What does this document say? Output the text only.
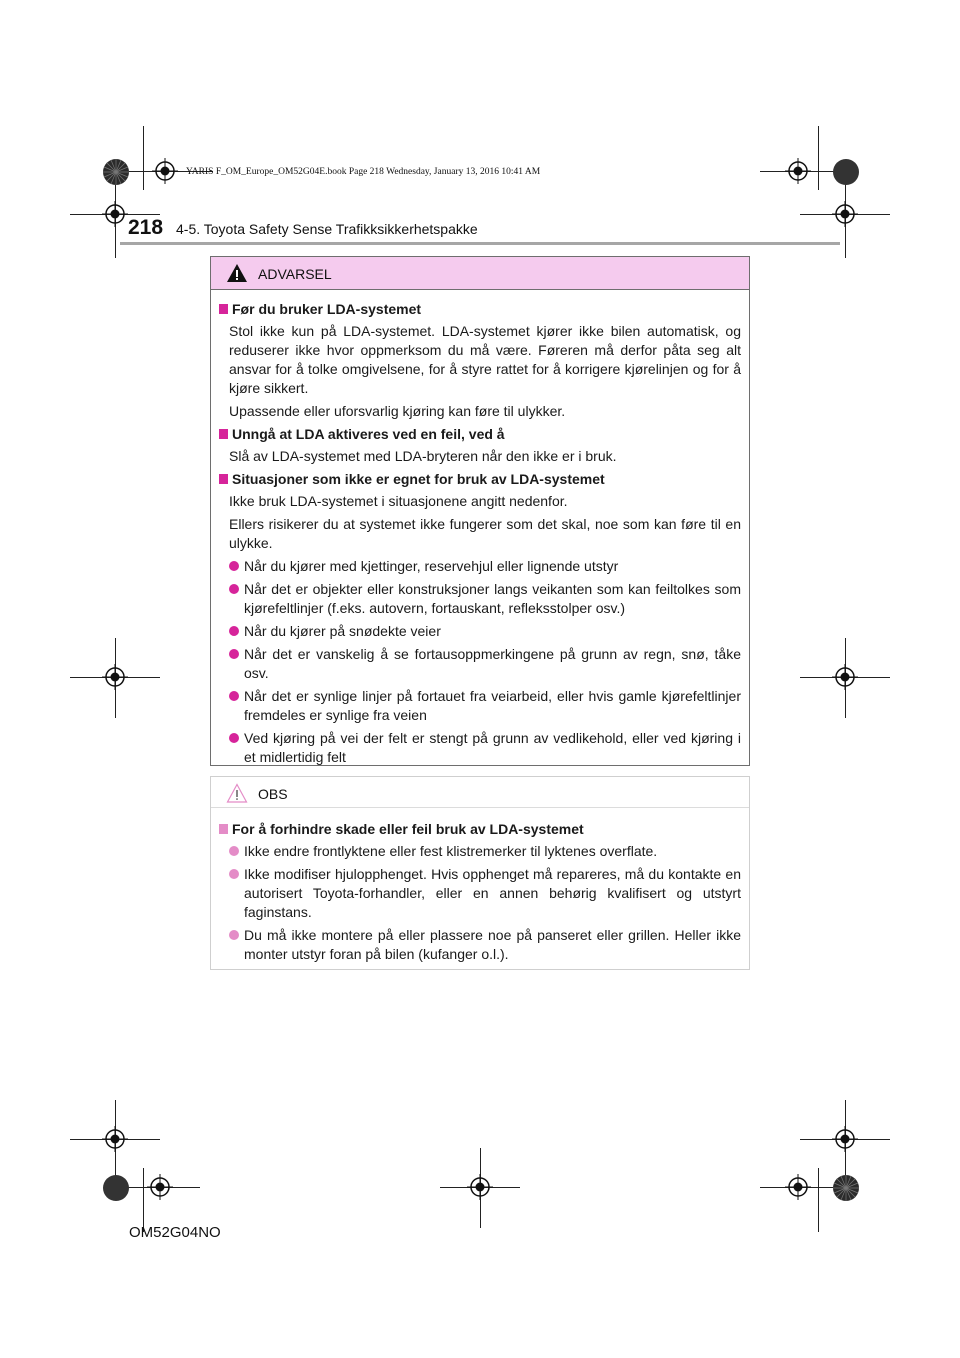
YARIS F_OM_Europe_OM52G04E.book Page 218 Wednesday, January 13, 2016 10:41 AM
218 4-5. Toyota Safety Sense Trafikksikkerhetspakke
ADVARSEL
Før du bruker LDA-systemet
Stol ikke kun på LDA-systemet. LDA-systemet kjører ikke bilen automatisk, og reduserer ikke hvor oppmerksom du må være. Føreren må derfor påta seg alt ansvar for å tolke omgivelsene, for å styre rattet for å korrigere kjørelinjen og for å kjøre sikkert.
Upassende eller uforsvarlig kjøring kan føre til ulykker.
Unngå at LDA aktiveres ved en feil, ved å
Slå av LDA-systemet med LDA-bryteren når den ikke er i bruk.
Situasjoner som ikke er egnet for bruk av LDA-systemet
Ikke bruk LDA-systemet i situasjonene angitt nedenfor.
Ellers risikerer du at systemet ikke fungerer som det skal, noe som kan føre til en ulykke.
Når du kjører med kjettinger, reservehjul eller lignende utstyr
Når det er objekter eller konstruksjoner langs veikanten som kan feiltolkes som kjørefeltlinjer (f.eks. autovern, fortauskant, refleksstolper osv.)
Når du kjører på snødekte veier
Når det er vanskelig å se fortausoppmerkingene på grunn av regn, snø, tåke osv.
Når det er synlige linjer på fortauet fra veiarbeid, eller hvis gamle kjørefeltlinjer fremdeles er synlige fra veien
Ved kjøring på vei der felt er stengt på grunn av vedlikehold, eller ved kjøring i et midlertidig felt
OBS
For å forhindre skade eller feil bruk av LDA-systemet
Ikke endre frontlyktene eller fest klistremerker til lyktenes overflate.
Ikke modifiser hjulopphenget. Hvis opphenget må repareres, må du kontakte en autorisert Toyota-forhandler, eller en annen behørig kvalifisert og utstyrt faginstans.
Du må ikke montere på eller plassere noe på panseret eller grillen. Heller ikke monter utstyr foran på bilen (kufanger o.l.).
OM52G04NO
